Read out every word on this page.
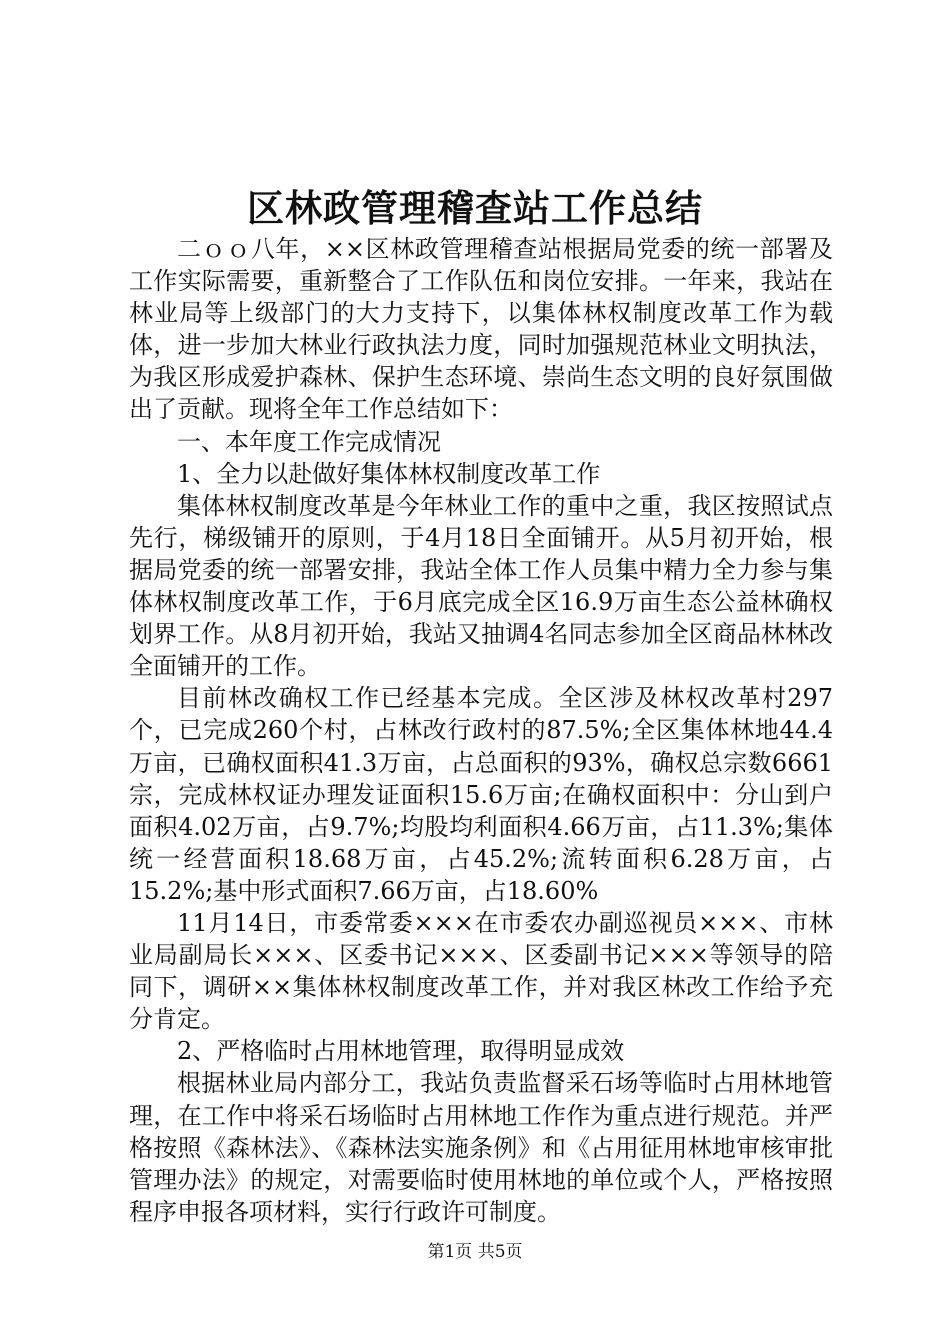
区林政管理稽查站工作总结

二ｏｏ八年，××区林政管理稽查站根据局党委的统一部署及工作实际需要，重新整合了工作队伍和岗位安排。一年来，我站在林业局等上级部门的大力支持下，以集体林权制度改革工作为载体，进一步加大林业行政执法力度，同时加强规范林业文明执法，为我区形成爱护森林、保护生态环境、崇尚生态文明的良好氛围做出了贡献。现将全年工作总结如下：

一、本年度工作完成情况

1、全力以赴做好集体林权制度改革工作

集体林权制度改革是今年林业工作的重中之重，我区按照试点先行，梯级铺开的原则，于4月18日全面铺开。从5月初开始，根据局党委的统一部署安排，我站全体工作人员集中精力全力参与集体林权制度改革工作，于6月底完成全区16.9万亩生态公益林确权划界工作。从8月初开始，我站又抽调4名同志参加全区商品林林改全面铺开的工作。

目前林改确权工作已经基本完成。全区涉及林权改革村297个，已完成260个村，占林改行政村的87.5%;全区集体林地44.4万亩，已确权面积41.3万亩，占总面积的93%，确权总宗数6661宗，完成林权证办理发证面积15.6万亩;在确权面积中：分山到户面积4.02万亩，占9.7%;均股均利面积4.66万亩，占11.3%;集体统一经营面积18.68万亩，占45.2%;流转面积6.28万亩，占15.2%;基中形式面积7.66万亩，占18.60%

11月14日，市委常委×××在市委农办副巡视员×××、市林业局副局长×××、区委书记×××、区委副书记×××等领导的陪同下，调研××集体林权制度改革工作，并对我区林改工作给予充分肯定。

2、严格临时占用林地管理，取得明显成效

根据林业局内部分工，我站负责监督采石场等临时占用林地管理，在工作中将采石场临时占用林地工作作为重点进行规范。并严格按照《森林法》、《森林法实施条例》和《占用征用林地审核审批管理办法》的规定，对需要临时使用林地的单位或个人，严格按照程序申报各项材料，实行行政许可制度。

第1页 共5页
